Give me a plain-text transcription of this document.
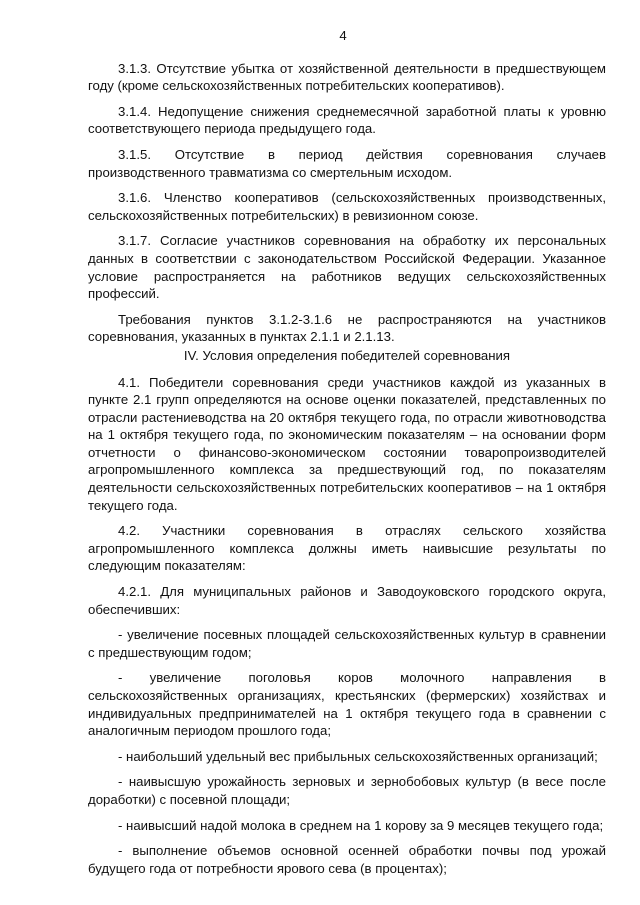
4

3.1.3. Отсутствие убытка от хозяйственной деятельности в предшествующем году (кроме сельскохозяйственных потребительских кооперативов).

3.1.4. Недопущение снижения среднемесячной заработной платы к уровню соответствующего периода предыдущего года.

3.1.5. Отсутствие в период действия соревнования случаев производственного травматизма со смертельным исходом.

3.1.6. Членство кооперативов (сельскохозяйственных производственных, сельскохозяйственных потребительских) в ревизионном союзе.

3.1.7. Согласие участников соревнования на обработку их персональных данных в соответствии с законодательством Российской Федерации. Указанное условие распространяется на работников ведущих сельскохозяйственных профессий.

Требования пунктов 3.1.2-3.1.6 не распространяются на участников соревнования, указанных в пунктах 2.1.1 и 2.1.13.

IV. Условия определения победителей соревнования

4.1. Победители соревнования среди участников каждой из указанных в пункте 2.1 групп определяются на основе оценки показателей, представленных по отрасли растениеводства на 20 октября текущего года, по отрасли животноводства на 1 октября текущего года, по экономическим показателям – на основании форм отчетности о финансово-экономическом состоянии товаропроизводителей агропромышленного комплекса за предшествующий год, по показателям деятельности сельскохозяйственных потребительских кооперативов – на 1 октября текущего года.

4.2. Участники соревнования в отраслях сельского хозяйства агропромышленного комплекса должны иметь наивысшие результаты по следующим показателям:

4.2.1. Для муниципальных районов и Заводоуковского городского округа, обеспечивших:

- увеличение посевных площадей сельскохозяйственных культур в сравнении с предшествующим годом;

- увеличение поголовья коров молочного направления в сельскохозяйственных организациях, крестьянских (фермерских) хозяйствах и индивидуальных предпринимателей на 1 октября текущего года в сравнении с аналогичным периодом прошлого года;

- наибольший удельный вес прибыльных сельскохозяйственных организаций;

- наивысшую урожайность зерновых и зернобобовых культур (в весе после доработки) с посевной площади;

- наивысший надой молока в среднем на 1 корову за 9 месяцев текущего года;

- выполнение объемов основной осенней обработки почвы под урожай будущего года от потребности ярового сева (в процентах);
